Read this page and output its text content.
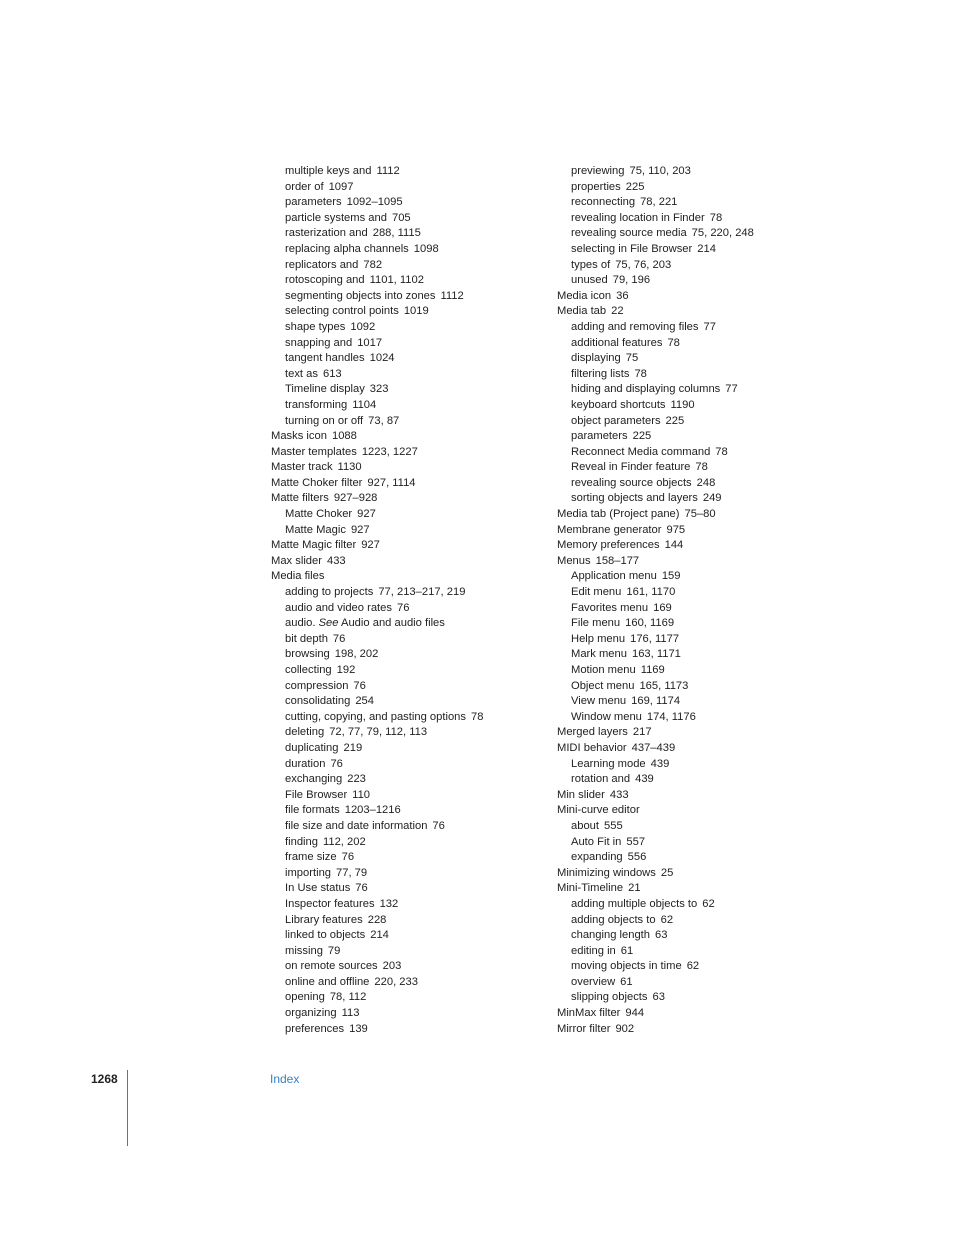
multiple keys and 1112
order of 1097
parameters 1092–1095
particle systems and 705
rasterization and 288, 1115
replacing alpha channels 1098
replicators and 782
rotoscoping and 1101, 1102
segmenting objects into zones 1112
selecting control points 1019
shape types 1092
snapping and 1017
tangent handles 1024
text as 613
Timeline display 323
transforming 1104
turning on or off 73, 87
Masks icon 1088
Master templates 1223, 1227
Master track 1130
Matte Choker filter 927, 1114
Matte filters 927–928
Matte Choker 927
Matte Magic 927
Matte Magic filter 927
Max slider 433
Media files
adding to projects 77, 213–217, 219
audio and video rates 76
audio. See Audio and audio files
bit depth 76
browsing 198, 202
collecting 192
compression 76
consolidating 254
cutting, copying, and pasting options 78
deleting 72, 77, 79, 112, 113
duplicating 219
duration 76
exchanging 223
File Browser 110
file formats 1203–1216
file size and date information 76
finding 112, 202
frame size 76
importing 77, 79
In Use status 76
Inspector features 132
Library features 228
linked to objects 214
missing 79
on remote sources 203
online and offline 220, 233
opening 78, 112
organizing 113
preferences 139
previewing 75, 110, 203
properties 225
reconnecting 78, 221
revealing location in Finder 78
revealing source media 75, 220, 248
selecting in File Browser 214
types of 75, 76, 203
unused 79, 196
Media icon 36
Media tab 22
adding and removing files 77
additional features 78
displaying 75
filtering lists 78
hiding and displaying columns 77
keyboard shortcuts 1190
object parameters 225
parameters 225
Reconnect Media command 78
Reveal in Finder feature 78
revealing source objects 248
sorting objects and layers 249
Media tab (Project pane) 75–80
Membrane generator 975
Memory preferences 144
Menus 158–177
Application menu 159
Edit menu 161, 1170
Favorites menu 169
File menu 160, 1169
Help menu 176, 1177
Mark menu 163, 1171
Motion menu 1169
Object menu 165, 1173
View menu 169, 1174
Window menu 174, 1176
Merged layers 217
MIDI behavior 437–439
Learning mode 439
rotation and 439
Min slider 433
Mini-curve editor
about 555
Auto Fit in 557
expanding 556
Minimizing windows 25
Mini-Timeline 21
adding multiple objects to 62
adding objects to 62
changing length 63
editing in 61
moving objects in time 62
overview 61
slipping objects 63
MinMax filter 944
Mirror filter 902
1268	Index
